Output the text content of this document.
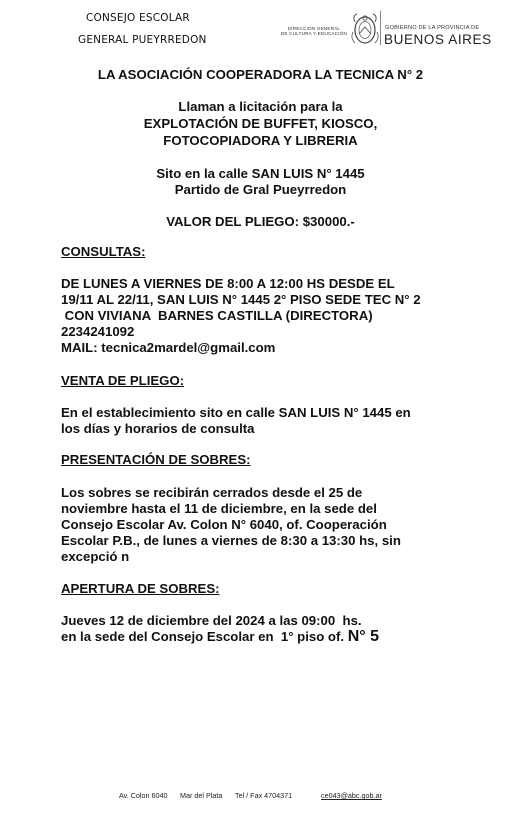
CONSEJO ESCOLAR
GENERAL PUEYRREDON
DIRECCIÓN GENERAL
DE CULTURA Y EDUCACIÓN
GOBIERNO DE LA PROVINCIA DE
BUENOS AIRES
LA ASOCIACIÓN COOPERADORA LA TECNICA N° 2
Llaman a licitación para la
EXPLOTACIÓN DE BUFFET, KIOSCO,
FOTOCOPIADORA Y LIBRERIA
Sito en la calle SAN LUIS N° 1445
Partido de Gral Pueyrredon
VALOR DEL PLIEGO: $30000.-
CONSULTAS:
DE LUNES A VIERNES DE 8:00 A 12:00 HS DESDE EL
19/11 AL 22/11, SAN LUIS N° 1445 2° PISO SEDE TEC N° 2
CON VIVIANA  BARNES CASTILLA (DIRECTORA)
2234241092
MAIL: tecnica2mardel@gmail.com
VENTA DE PLIEGO:
En el establecimiento sito en calle SAN LUIS N° 1445 en
los días y horarios de consulta
PRESENTACIÓN DE SOBRES:
Los sobres se recibirán cerrados desde el 25 de
noviembre hasta el 11 de diciembre, en la sede del
Consejo Escolar Av. Colon N° 6040, of. Cooperación
Escolar P.B., de lunes a viernes de 8:30 a 13:30 hs, sin
excepció n
APERTURA DE SOBRES:
Jueves 12 de diciembre del 2024 a las 09:00  hs.
en la sede del Consejo Escolar en  1° piso of. N° 5
Av. Colon 6040 Mar del Plata Tel / Fax 4704371	ce043@abc.gob.ar
